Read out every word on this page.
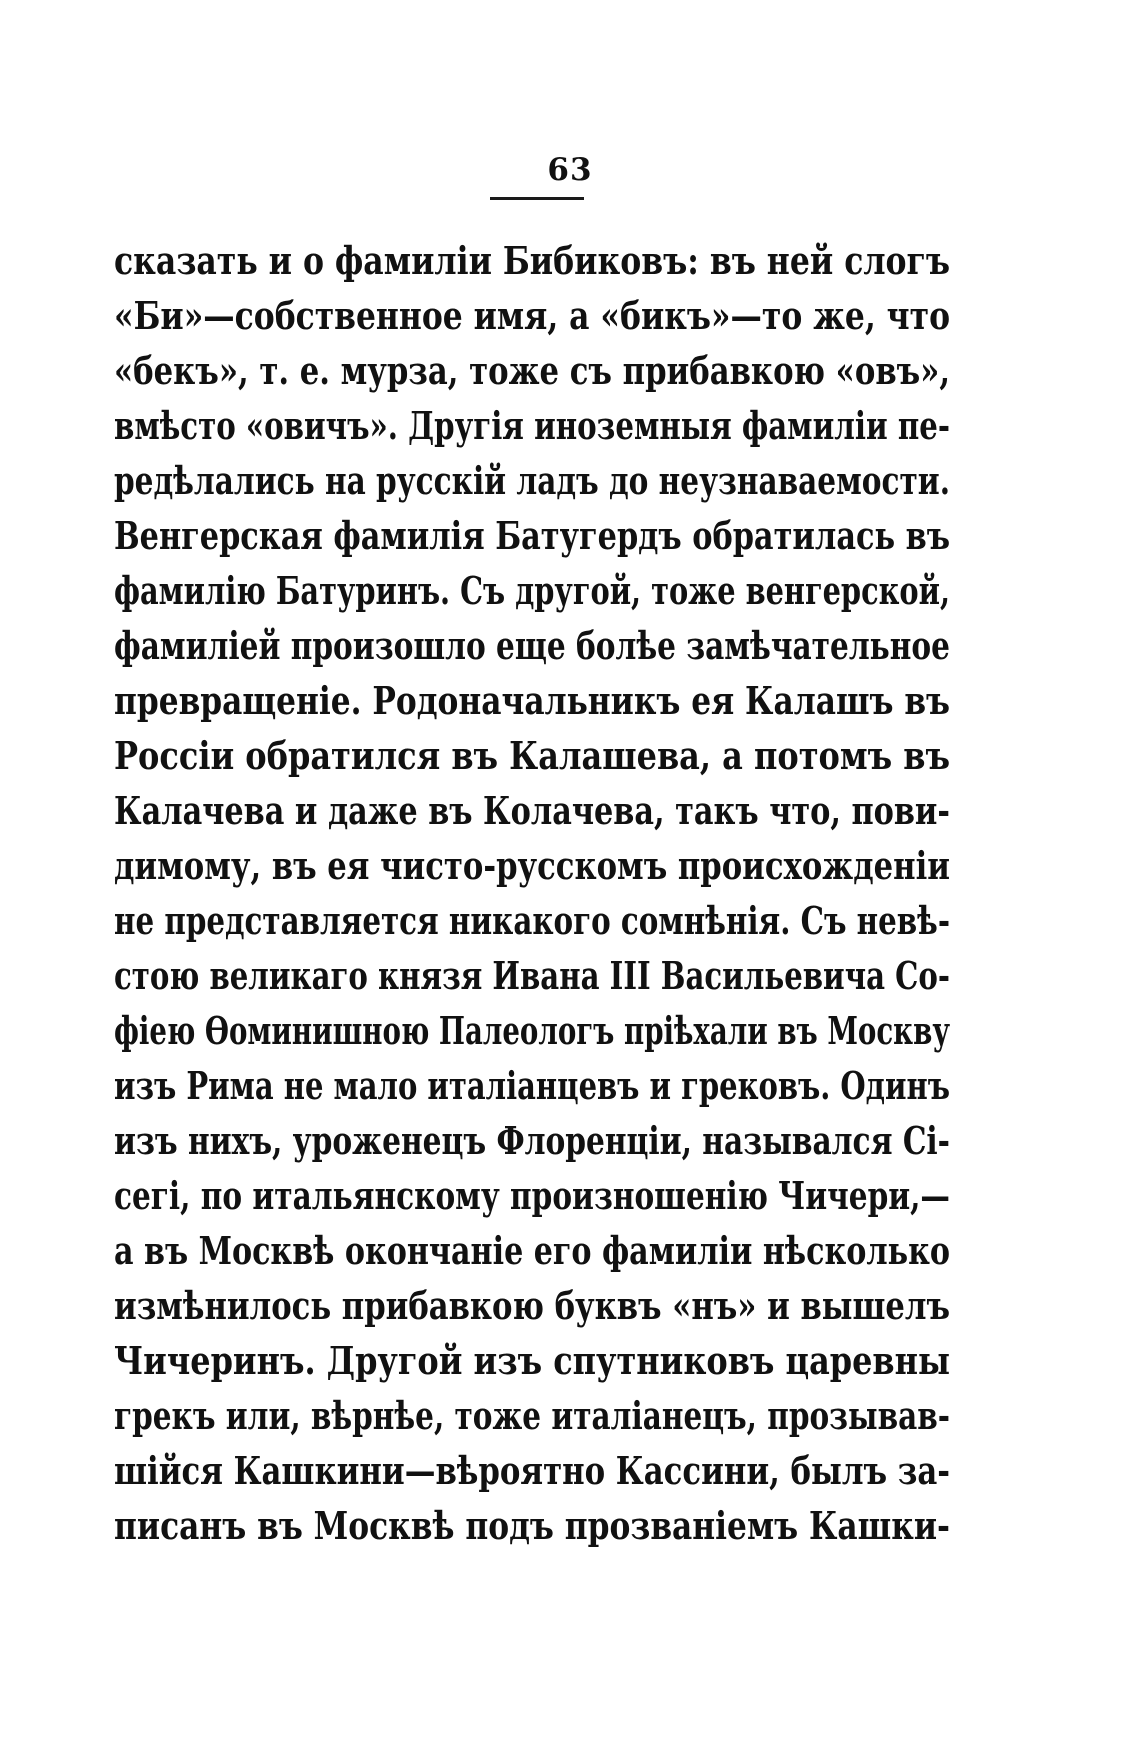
63
сказать и о фамиліи Бибиковъ: въ ней слогъ
«Би»—собственное имя, а «бикъ»—то же, что
«бекъ», т. е. мурза, тоже съ прибавкою «овъ»,
вмѣсто «овичъ». Другія иноземныя фамиліи пе-
редѣлались на русскій ладъ до неузнаваемости.
Венгерская фамилія Батугердъ обратилась въ
фамилію Батуринъ. Съ другой, тоже венгерской,
фамиліей произошло еще болѣе замѣчательное
превращеніе. Родоначальникъ ея Калашъ въ
Россіи обратился въ Калашева, а потомъ въ
Калачева и даже въ Колачева, такъ что, пови-
димому, въ ея чисто-русскомъ происхожденіи
не представляется никакого сомнѣнія. Съ невѣ-
стою великаго князя Ивана III Васильевича Со-
фіею Ѳоминишною Палеологъ пріѣхали въ Москву
изъ Рима не мало италіанцевъ и грековъ. Одинъ
изъ нихъ, уроженецъ Флоренціи, назывался Сі-
сегі, по итальянскому произношенію Чичери,—
а въ Москвѣ окончаніе его фамиліи нѣсколько
измѣнилось прибавкою буквъ «нъ» и вышелъ
Чичеринъ. Другой изъ спутниковъ царевны
грекъ или, вѣрнѣе, тоже италіанецъ, прозывав-
шійся Кашкини—вѣроятно Кассини, былъ за-
писанъ въ Москвѣ подъ прозваніемъ Кашки-
